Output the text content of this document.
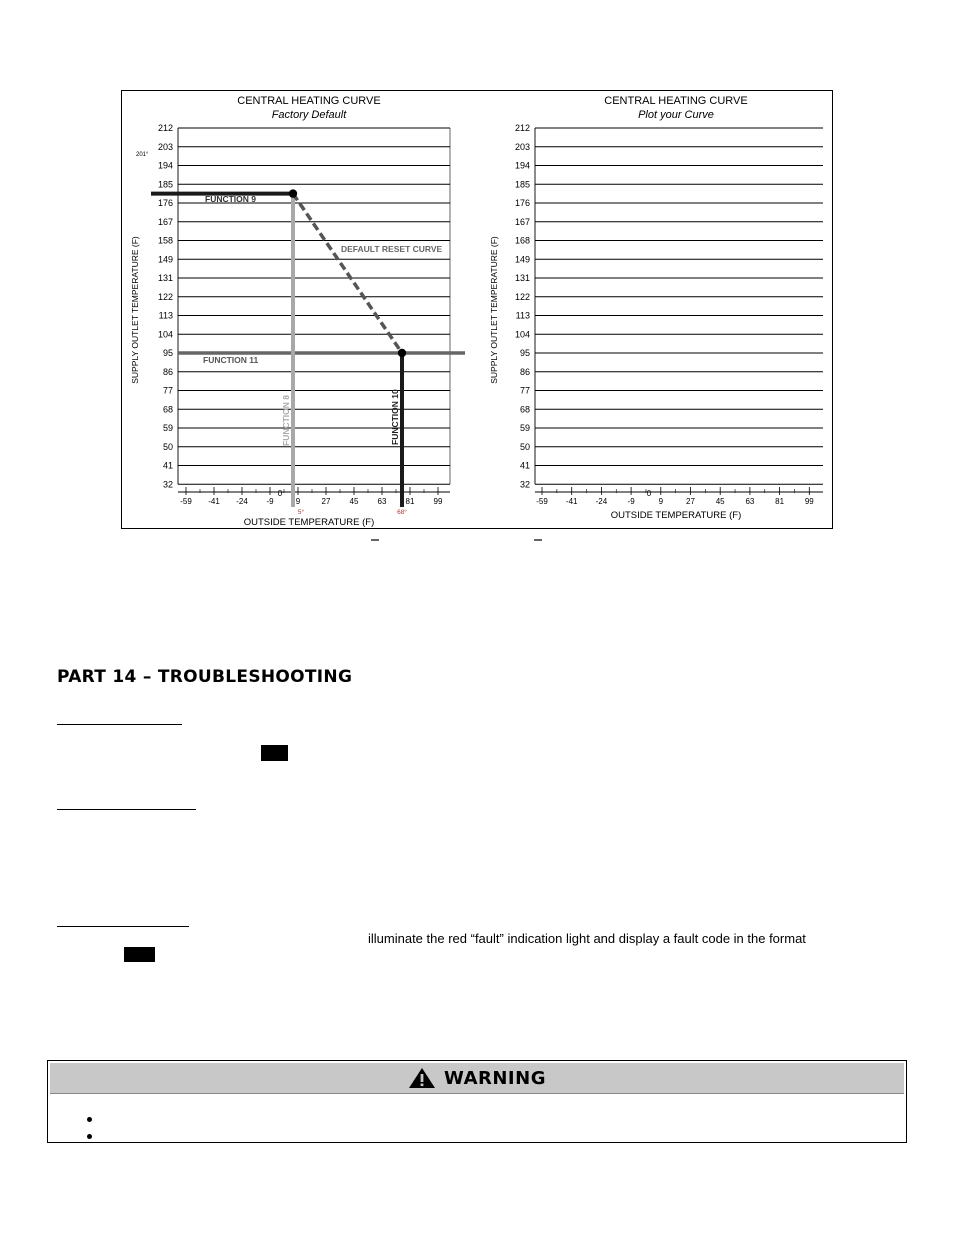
CENTRAL HEATING CURVE
Factory Default
212
203
194
185
176
167
158
149
131
122
113
104
95
86
77
68
59
50
41
32
-59 -41 -24 -9	9	27 45 63 81 99
0
OUTSIDE TEMPERATURE (F)
SUPPLY OUTLET TEMPERATURE (F)
CENTRAL HEATING CURVE
Plot your Curve
212
203
194
185
176
167
168
149
131
122
113
104
95
86
77
68
59
50
41
32
-59 -41 -24	-9	9	27	45	63	81	99
0
OUTSIDE TEMPERATURE (F)
SUPPLY OUTLET TEMPERATURE (F)
201°
FUNCTION 9
FUNCTION 11
FUNCTION 8	FUNCTION 10
DEFAULT RESET CURVE
5°	68°
PART 14 – TROUBLESHOOTING
illuminate the red “fault” indication light and display a fault code in the format
WARNING
